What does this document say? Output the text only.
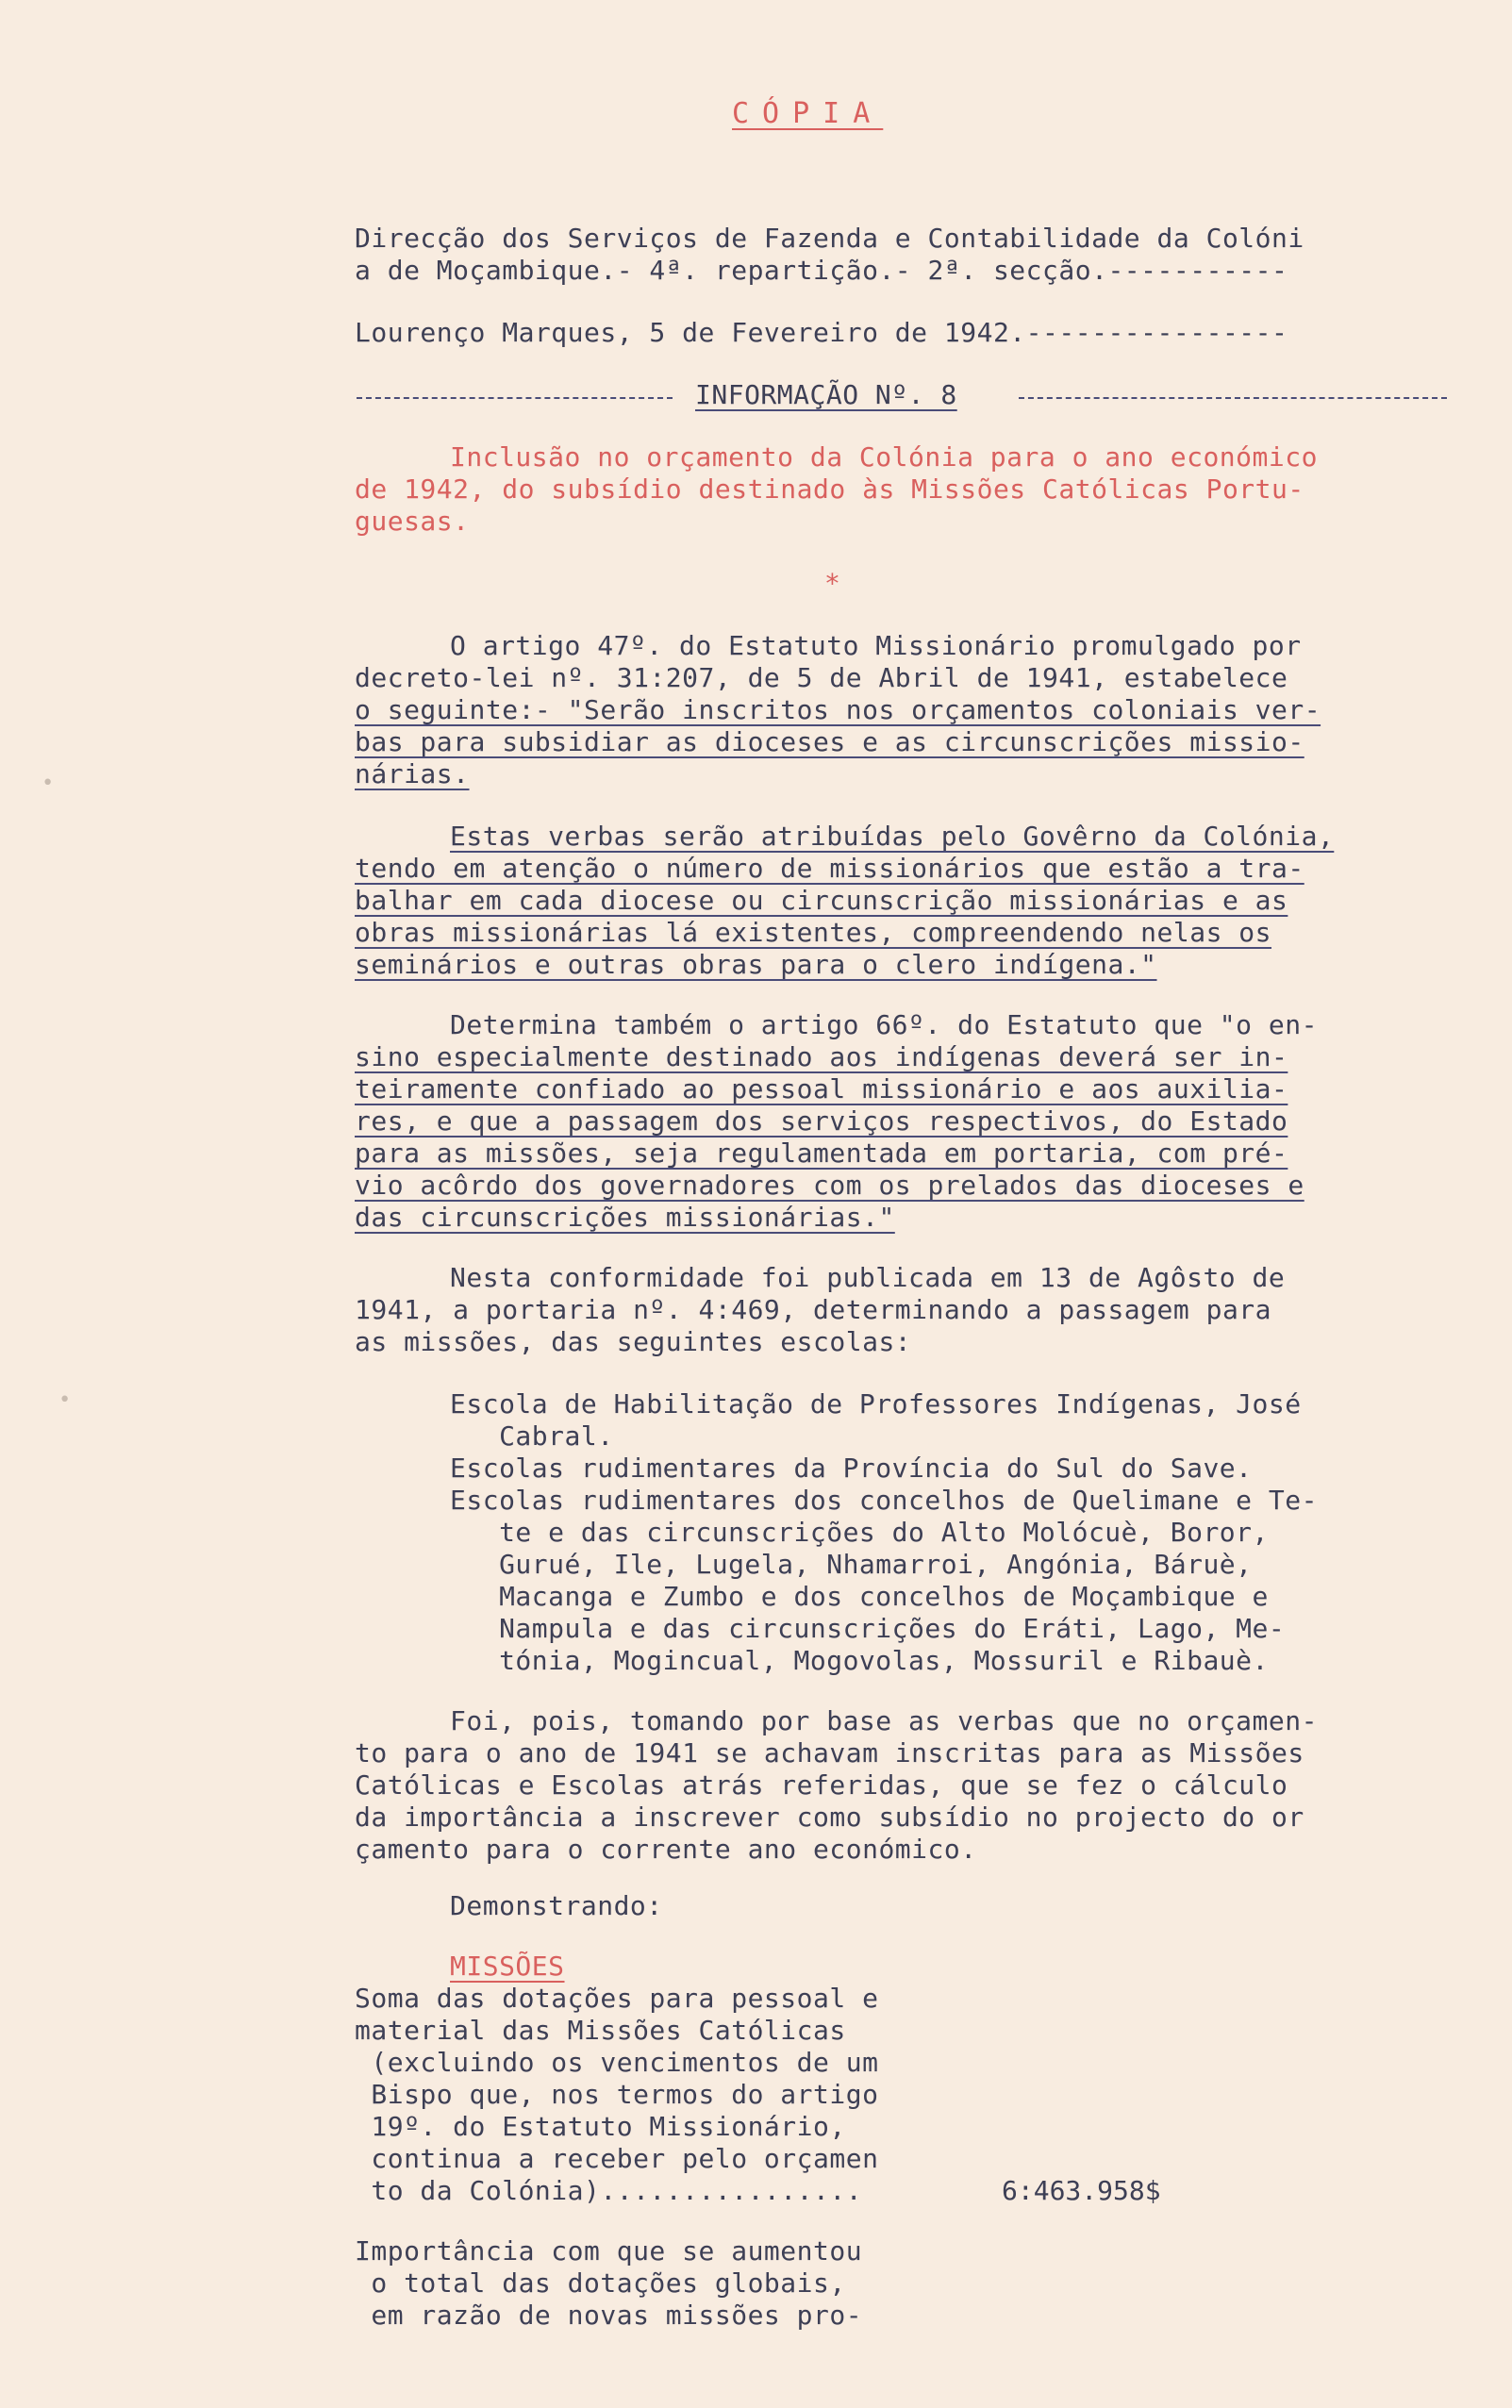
CÓPIA
Direcção dos Serviços de Fazenda e Contabilidade da Colóni
a de Moçambique.- 4ª. repartição.- 2ª. secção.-----------
Lourenço Marques, 5 de Fevereiro de 1942.----------------
INFORMAÇÃO Nº. 8
Inclusão no orçamento da Colónia para o ano económico
de 1942, do subsídio destinado às Missões Católicas Portu-
guesas.
*
O artigo 47º. do Estatuto Missionário promulgado por
decreto-lei nº. 31:207, de 5 de Abril de 1941, estabelece
o seguinte:- "Serão inscritos nos orçamentos coloniais ver-
bas para subsidiar as dioceses e as circunscrições missio-
nárias.
Estas verbas serão atribuídas pelo Govêrno da Colónia,
tendo em atenção o número de missionários que estão a tra-
balhar em cada diocese ou circunscrição missionárias e as
obras missionárias lá existentes, compreendendo nelas os
seminários e outras obras para o clero indígena."
Determina também o artigo 66º. do Estatuto que "o en-
sino especialmente destinado aos indígenas deverá ser in-
teiramente confiado ao pessoal missionário e aos auxilia-
res, e que a passagem dos serviços respectivos, do Estado
para as missões, seja regulamentada em portaria, com pré-
vio acôrdo dos governadores com os prelados das dioceses e
das circunscrições missionárias."
Nesta conformidade foi publicada em 13 de Agôsto de
1941, a portaria nº. 4:469, determinando a passagem para
as missões, das seguintes escolas:
Escola de Habilitação de Professores Indígenas, José
Cabral.
Escolas rudimentares da Província do Sul do Save.
Escolas rudimentares dos concelhos de Quelimane e Te-
te e das circunscrições do Alto Molócuè, Boror,
Gurué, Ile, Lugela, Nhamarroi, Angónia, Báruè,
Macanga e Zumbo e dos concelhos de Moçambique e
Nampula e das circunscrições do Eráti, Lago, Me-
tónia, Mogincual, Mogovolas, Mossuril e Ribauè.
Foi, pois, tomando por base as verbas que no orçamen-
to para o ano de 1941 se achavam inscritas para as Missões
Católicas e Escolas atrás referidas, que se fez o cálculo
da importância a inscrever como subsídio no projecto do or
çamento para o corrente ano económico.
Demonstrando:
MISSÕES
Soma das dotações para pessoal e
material das Missões Católicas
(excluindo os vencimentos de um
Bispo que, nos termos do artigo
19º. do Estatuto Missionário,
continua a receber pelo orçamen
to da Colónia)................	6:463.958$
Importância com que se aumentou
o total das dotações globais,
em razão de novas missões pro-
•
•
